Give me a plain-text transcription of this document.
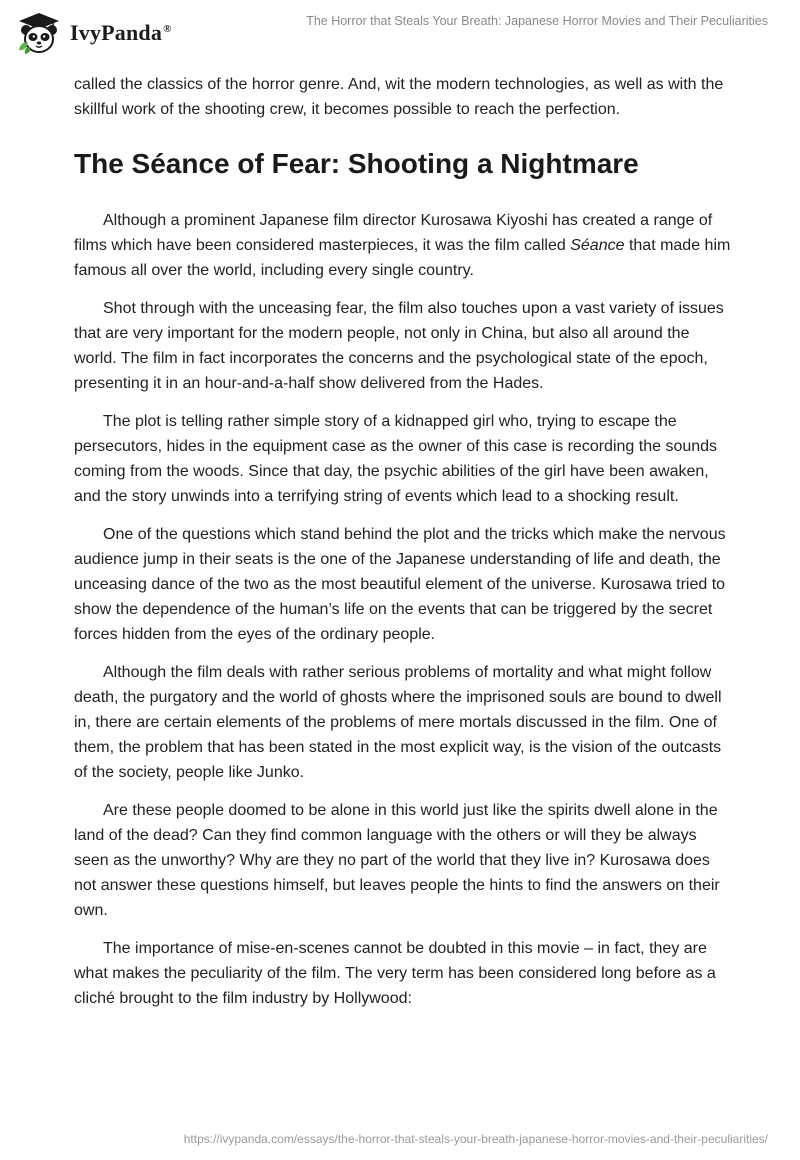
IvyPanda®
The Horror that Steals Your Breath: Japanese Horror Movies and Their Peculiarities

called the classics of the horror genre. And, wit the modern technologies, as well as with the skillful work of the shooting crew, it becomes possible to reach the perfection.

The Séance of Fear: Shooting a Nightmare

Although a prominent Japanese film director Kurosawa Kiyoshi has created a range of films which have been considered masterpieces, it was the film called Séance that made him famous all over the world, including every single country.

Shot through with the unceasing fear, the film also touches upon a vast variety of issues that are very important for the modern people, not only in China, but also all around the world. The film in fact incorporates the concerns and the psychological state of the epoch, presenting it in an hour-and-a-half show delivered from the Hades.

The plot is telling rather simple story of a kidnapped girl who, trying to escape the persecutors, hides in the equipment case as the owner of this case is recording the sounds coming from the woods. Since that day, the psychic abilities of the girl have been awaken, and the story unwinds into a terrifying string of events which lead to a shocking result.

One of the questions which stand behind the plot and the tricks which make the nervous audience jump in their seats is the one of the Japanese understanding of life and death, the unceasing dance of the two as the most beautiful element of the universe. Kurosawa tried to show the dependence of the human’s life on the events that can be triggered by the secret forces hidden from the eyes of the ordinary people.

Although the film deals with rather serious problems of mortality and what might follow death, the purgatory and the world of ghosts where the imprisoned souls are bound to dwell in, there are certain elements of the problems of mere mortals discussed in the film. One of them, the problem that has been stated in the most explicit way, is the vision of the outcasts of the society, people like Junko.

Are these people doomed to be alone in this world just like the spirits dwell alone in the land of the dead? Can they find common language with the others or will they be always seen as the unworthy? Why are they no part of the world that they live in? Kurosawa does not answer these questions himself, but leaves people the hints to find the answers on their own.

The importance of mise-en-scenes cannot be doubted in this movie – in fact, they are what makes the peculiarity of the film. The very term has been considered long before as a cliché brought to the film industry by Hollywood:

https://ivypanda.com/essays/the-horror-that-steals-your-breath-japanese-horror-movies-and-their-peculiarities/
